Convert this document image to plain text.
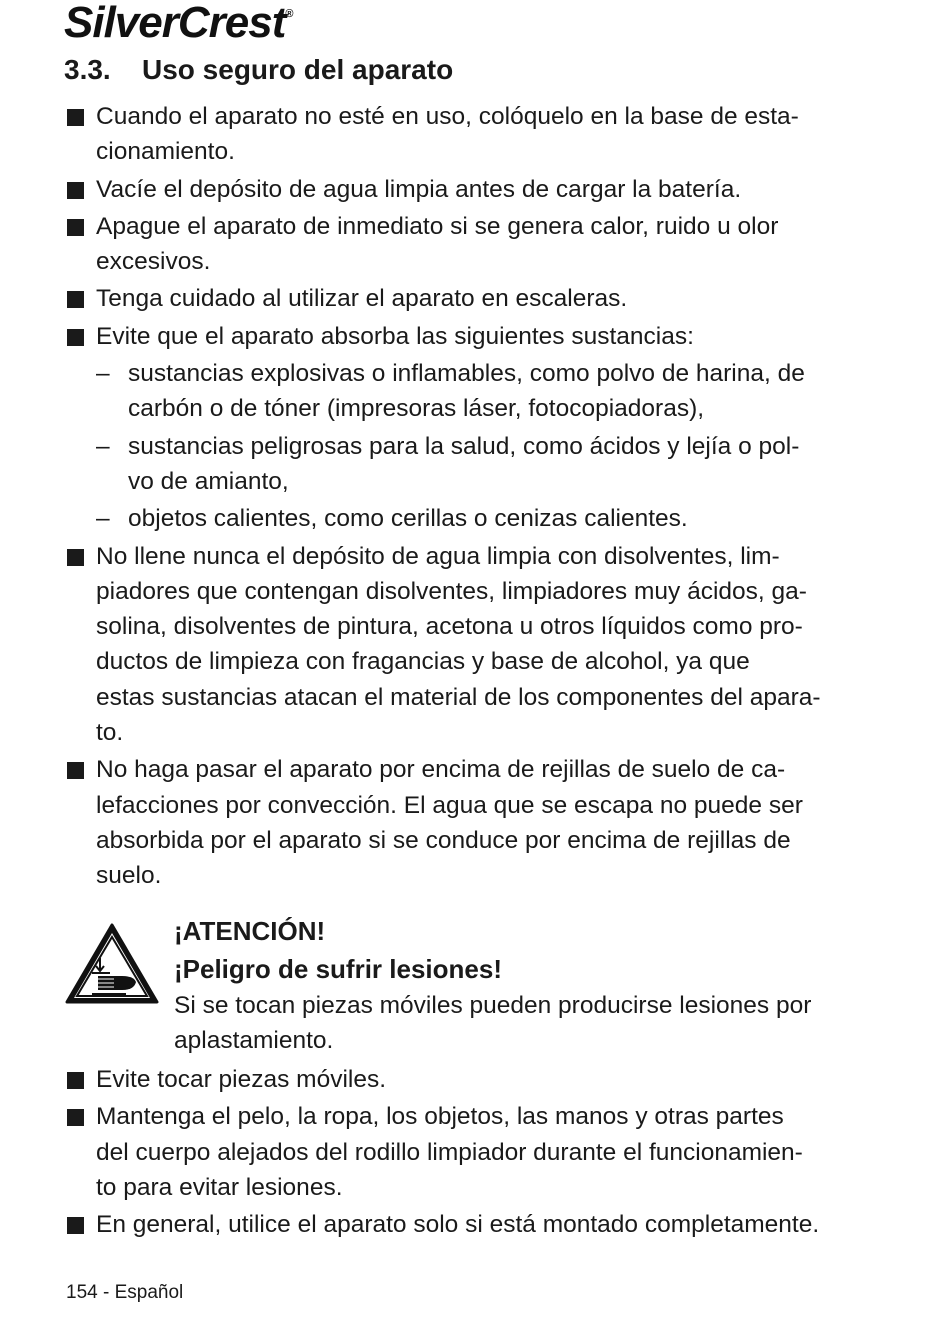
SilverCrest®
3.3. Uso seguro del aparato
Cuando el aparato no esté en uso, colóquelo en la base de esta-
cionamiento.
Vacíe el depósito de agua limpia antes de cargar la batería.
Apague el aparato de inmediato si se genera calor, ruido u olor
excesivos.
Tenga cuidado al utilizar el aparato en escaleras.
Evite que el aparato absorba las siguientes sustancias:
– sustancias explosivas o inflamables, como polvo de harina, de
carbón o de tóner (impresoras láser, fotocopiadoras),
– sustancias peligrosas para la salud, como ácidos y lejía o pol-
vo de amianto,
– objetos calientes, como cerillas o cenizas calientes.
No llene nunca el depósito de agua limpia con disolventes, lim-
piadores que contengan disolventes, limpiadores muy ácidos, ga-
solina, disolventes de pintura, acetona u otros líquidos como pro-
ductos de limpieza con fragancias y base de alcohol, ya que
estas sustancias atacan el material de los componentes del apara-
to.
No haga pasar el aparato por encima de rejillas de suelo de ca-
lefacciones por convección. El agua que se escapa no puede ser
absorbida por el aparato si se conduce por encima de rejillas de
suelo.
¡ATENCIÓN!
¡Peligro de sufrir lesiones!
Si se tocan piezas móviles pueden producirse lesiones por
aplastamiento.
Evite tocar piezas móviles.
Mantenga el pelo, la ropa, los objetos, las manos y otras partes
del cuerpo alejados del rodillo limpiador durante el funcionamien-
to para evitar lesiones.
En general, utilice el aparato solo si está montado completamente.
154 - Español
